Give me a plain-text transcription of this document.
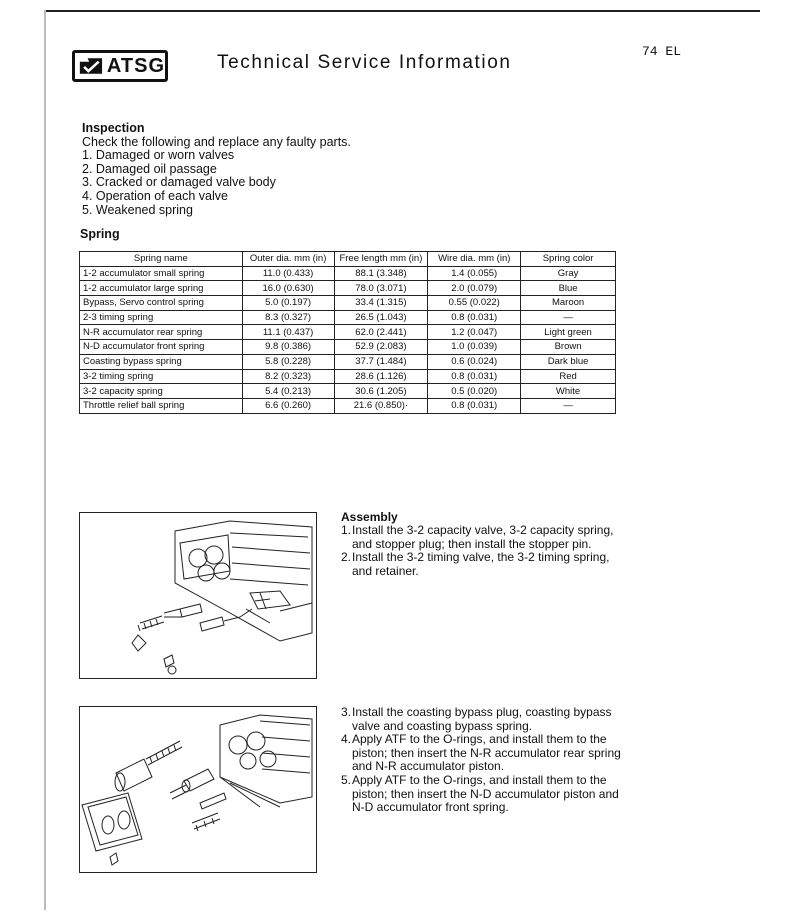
ATSG	Technical Service Information
74 EL
Inspection
Check the following and replace any faulty parts.
1. Damaged or worn valves
2. Damaged oil passage
3. Cracked or damaged valve body
4. Operation of each valve
5. Weakened spring
Spring
Spring name	Outer dia. mm (in)	Free length mm (in)	Wire dia. mm (in)	Spring color
1-2 accumulator small spring	11.0 (0.433)	88.1 (3.348)	1.4 (0.055)	Gray
1-2 accumulator large spring	16.0 (0.630)	78.0 (3.071)	2.0 (0.079)	Blue
Bypass, Servo control spring	5.0 (0.197)	33.4 (1.315)	0.55 (0.022)	Maroon
2-3 timing spring	8.3 (0.327)	26.5 (1.043)	0.8 (0.031)	—
N-R accumulator rear spring	11.1 (0.437)	62.0 (2.441)	1.2 (0.047)	Light green
N-D accumulator front spring	9.8 (0.386)	52.9 (2.083)	1.0 (0.039)	Brown
Coasting bypass spring	5.8 (0.228)	37.7 (1.484)	0.6 (0.024)	Dark blue
3-2 timing spring	8.2 (0.323)	28.6 (1.126)	0.8 (0.031)	Red
3-2 capacity spring	5.4 (0.213)	30.6 (1.205)	0.5 (0.020)	White
Throttle relief ball spring	6.6 (0.260)	21.6 (0.850)·	0.8 (0.031)	—
Assembly
1. Install the 3-2 capacity valve, 3-2 capacity spring, and stopper plug; then install the stopper pin.
2. Install the 3-2 timing valve, the 3-2 timing spring, and retainer.
3. Install the coasting bypass plug, coasting bypass valve and coasting bypass spring.
4. Apply ATF to the O-rings, and install them to the piston; then insert the N-R accumulator rear spring and N-R accumulator piston.
5. Apply ATF to the O-rings, and install them to the piston; then insert the N-D accumulator piston and N-D accumulator front spring.
